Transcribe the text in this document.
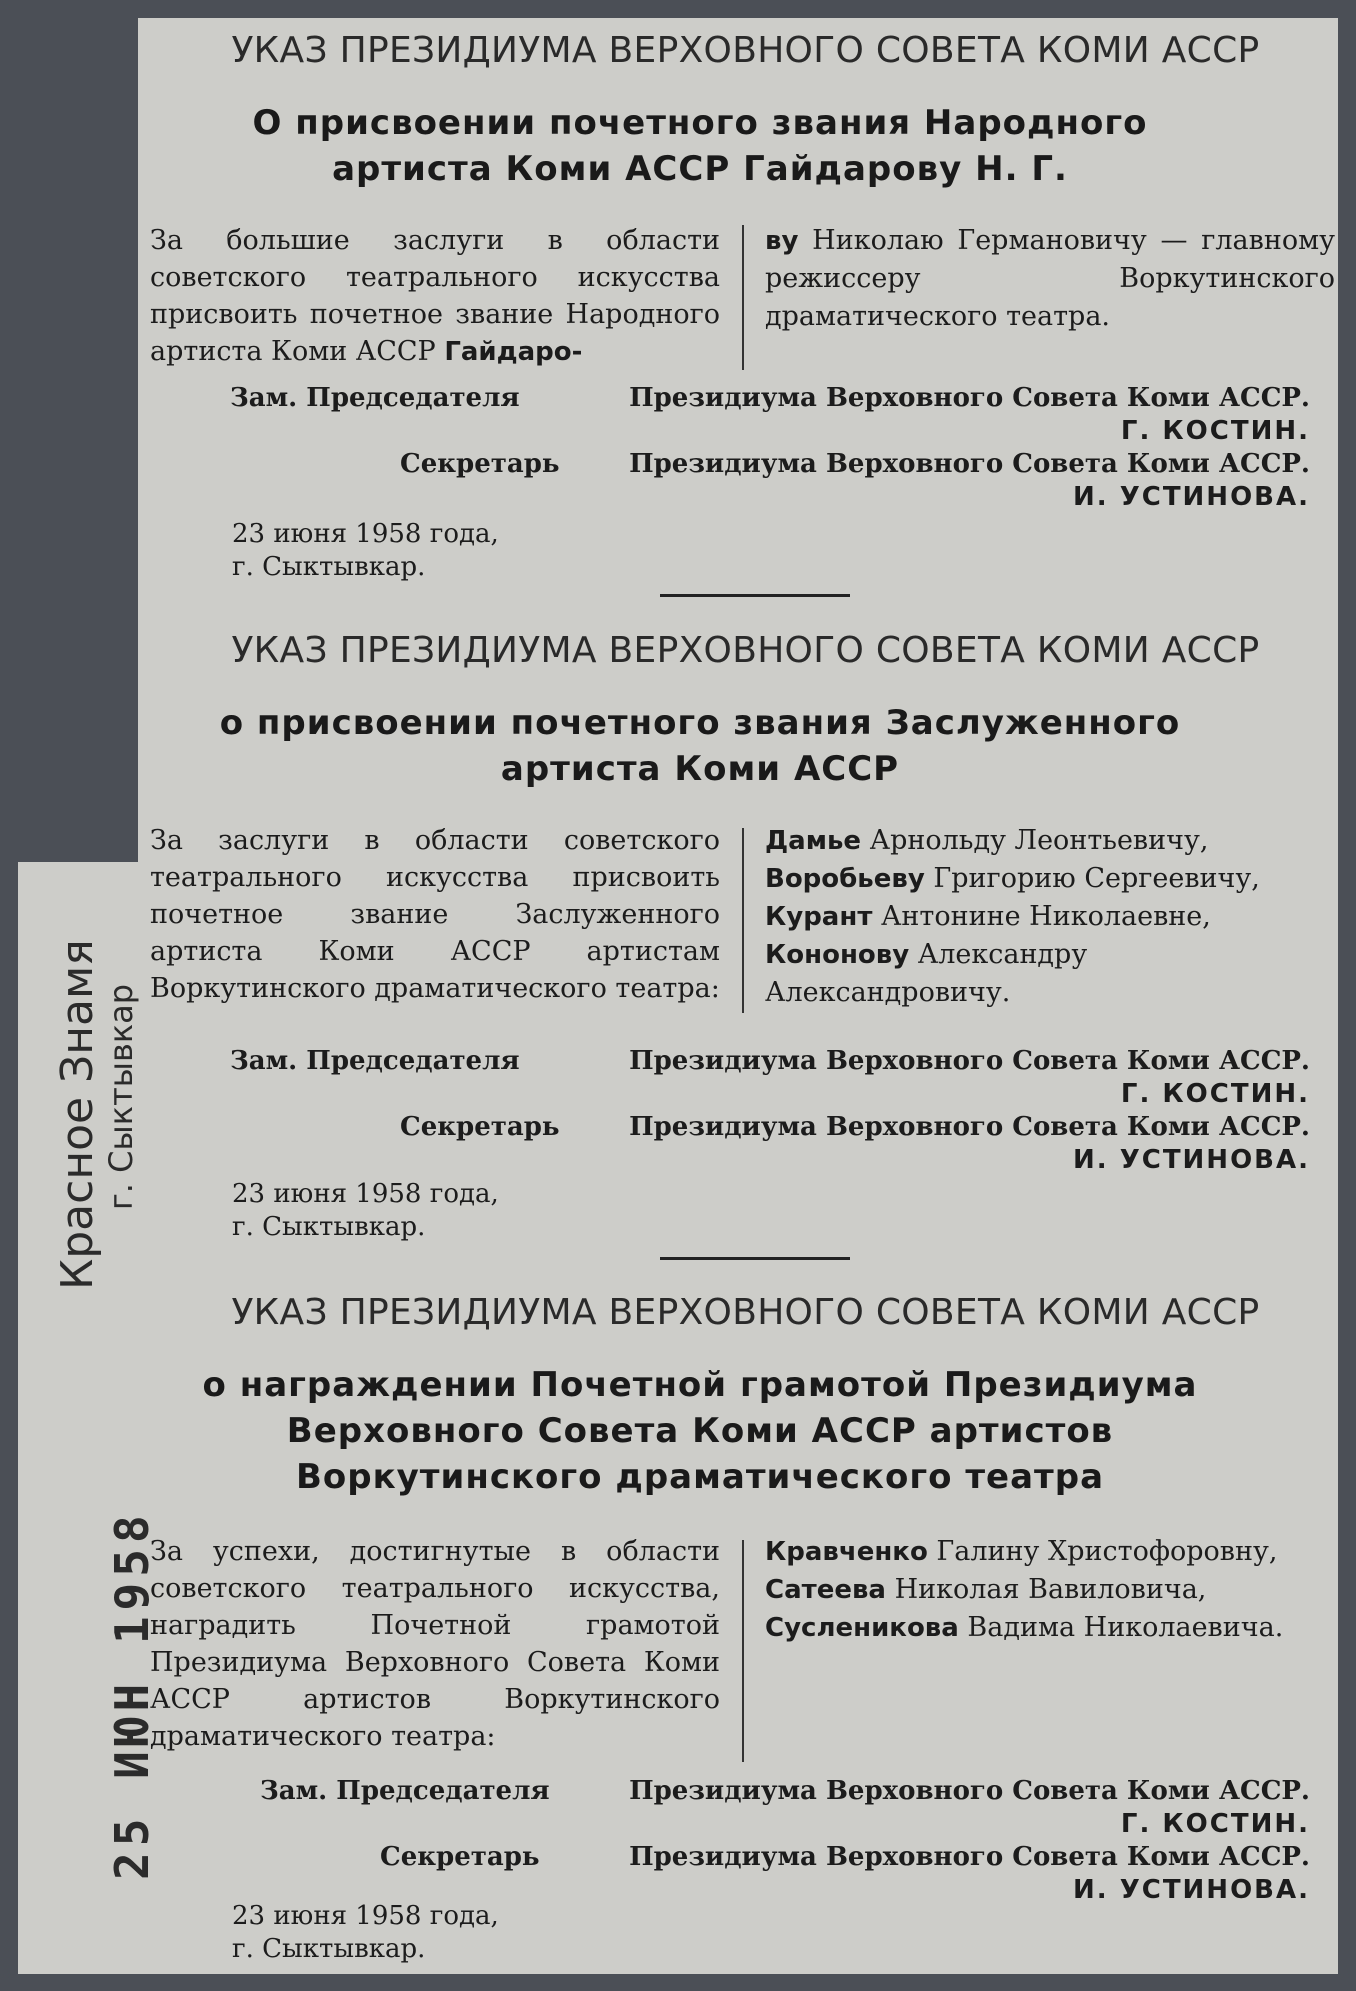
УКАЗ ПРЕЗИДИУМА ВЕРХОВНОГО СОВЕТА КОМИ АССР
О присвоении почетного звания Народного
артиста Коми АССР Гайдарову Н. Г.

За большие заслуги в области советского театрального искусства присвоить почетное звание Народного артиста Коми АССР Гайдаро-

ву Николаю Германовичу — главному режиссеру Воркутинского драматического театра.

Зам. Председателя	Президиума Верховного Совета Коми АССР.
Г. КОСТИН.
Секретарь	Президиума Верховного Совета Коми АССР.
И. УСТИНОВА.
23 июня 1958 года,
г. Сыктывкар.
УКАЗ ПРЕЗИДИУМА ВЕРХОВНОГО СОВЕТА КОМИ АССР
о присвоении почетного звания Заслуженного
артиста Коми АССР

За заслуги в области советского театрального искусства присвоить почетное звание Заслуженного артиста Коми АССР артистам Воркутинского драматического театра:

Дамье Арнольду Леонтьевичу,

Воробьеву Григорию Сергеевичу,

Курант Антонине Николаевне,

Кононову Александру Александровичу.

Зам. Председателя	Президиума Верховного Совета Коми АССР.
Г. КОСТИН.
Секретарь	Президиума Верховного Совета Коми АССР.
И. УСТИНОВА.
23 июня 1958 года,
г. Сыктывкар.
УКАЗ ПРЕЗИДИУМА ВЕРХОВНОГО СОВЕТА КОМИ АССР
о награждении Почетной грамотой Президиума
Верховного Совета Коми АССР артистов
Воркутинского драматического театра

За успехи, достигнутые в области советского театрального искусства, наградить Почетной грамотой Президиума Верховного Совета Коми АССР артистов Воркутинского драматического театра:

Кравченко Галину Христофоровну,

Сатеева Николая Вавиловича,

Сусленикова Вадима Николаевича.

Зам. Председателя	Президиума Верховного Совета Коми АССР.
Г. КОСТИН.
Секретарь	Президиума Верховного Совета Коми АССР.
И. УСТИНОВА.
23 июня 1958 года,
г. Сыктывкар.
Красное Знамя г. Сыктывкар
25 ИЮН 1958
